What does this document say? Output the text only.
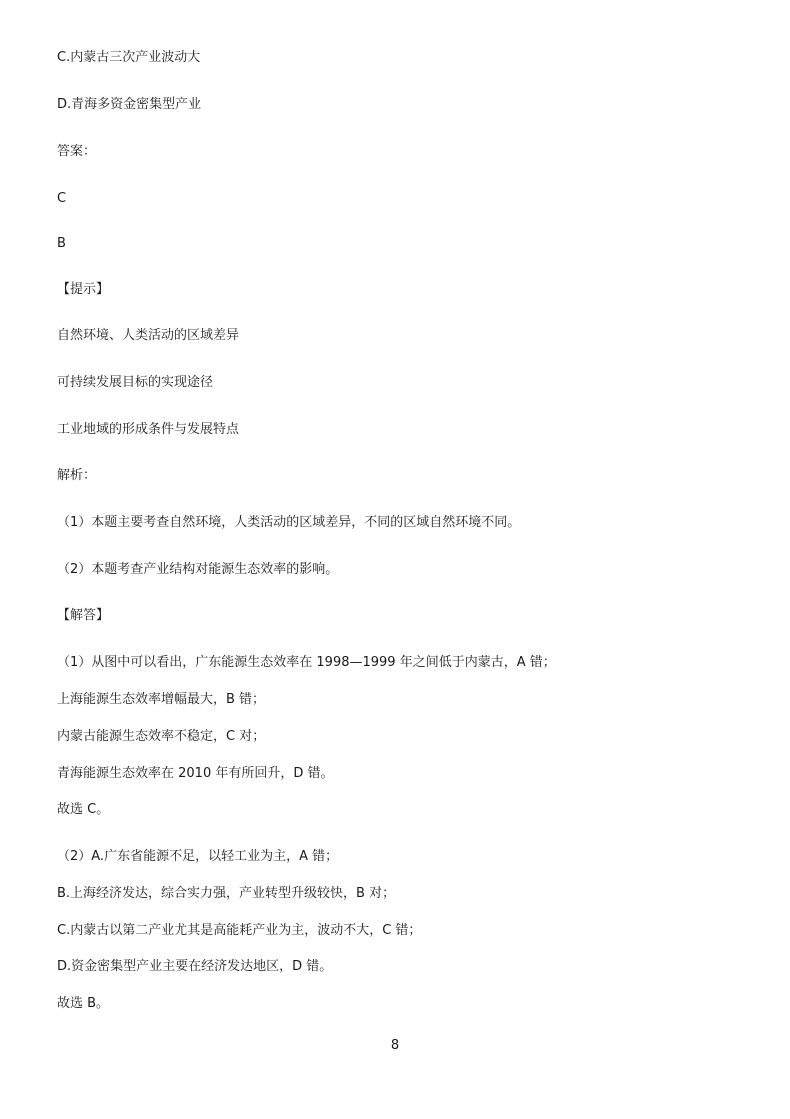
C.内蒙古三次产业波动大
D.青海多资金密集型产业
答案：
C
B
【提示】
自然环境、人类活动的区域差异
可持续发展目标的实现途径
工业地域的形成条件与发展特点
解析：
（1）本题主要考查自然环境，人类活动的区域差异，不同的区域自然环境不同。
（2）本题考查产业结构对能源生态效率的影响。
【解答】
（1）从图中可以看出，广东能源生态效率在 1998—1999 年之间低于内蒙古，A 错；
上海能源生态效率增幅最大，B 错；
内蒙古能源生态效率不稳定，C 对；
青海能源生态效率在 2010 年有所回升，D 错。
故选 C。
（2）A.广东省能源不足，以轻工业为主，A 错；
B.上海经济发达，综合实力强，产业转型升级较快，B 对；
C.内蒙古以第二产业尤其是高能耗产业为主，波动不大，C 错；
D.资金密集型产业主要在经济发达地区，D 错。
故选 B。
8
